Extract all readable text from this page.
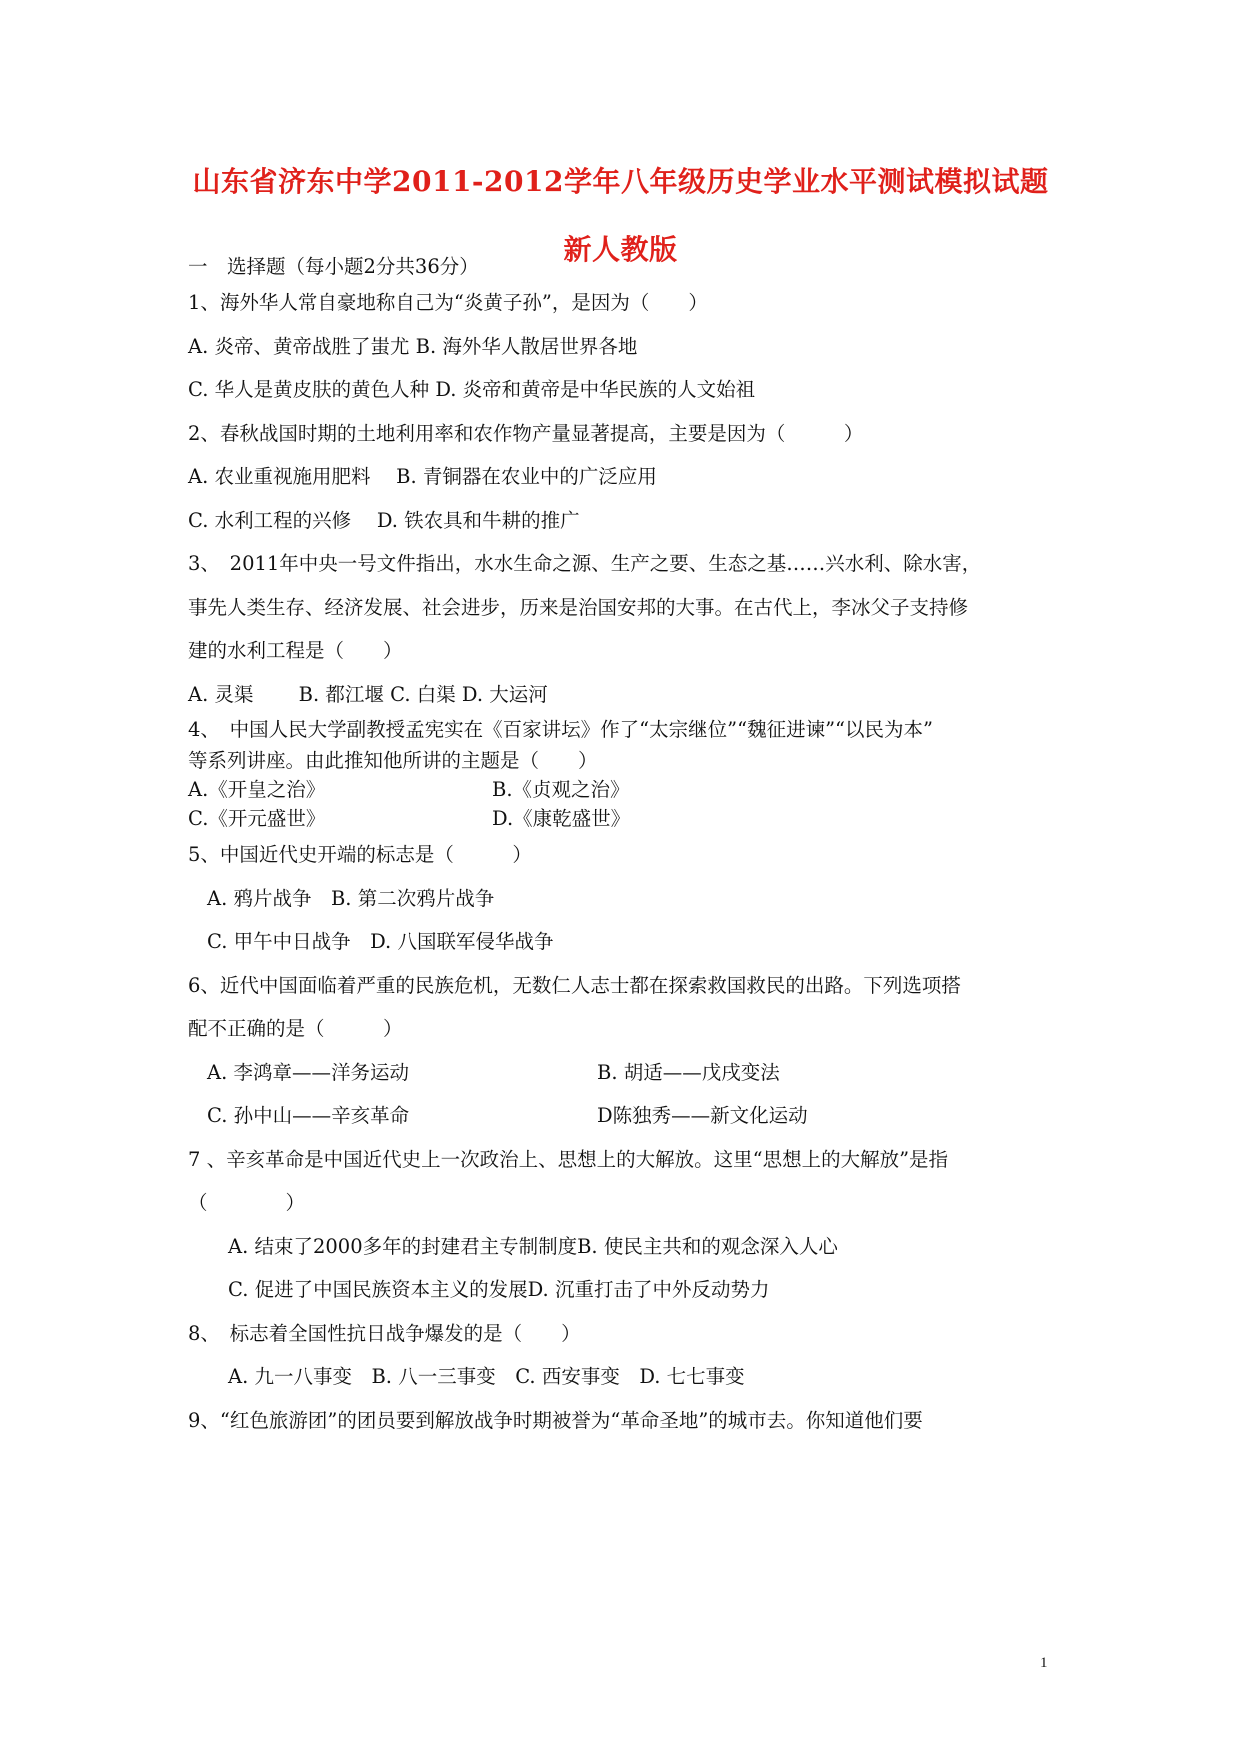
山东省济东中学2011-2012学年八年级历史学业水平测试模拟试题
新人教版
一　选择题（每小题2分共36分）
1、海外华人常自豪地称自己为“炎黄子孙”，是因为（　　）
A. 炎帝、黄帝战胜了蚩尤 B. 海外华人散居世界各地
C. 华人是黄皮肤的黄色人种 D. 炎帝和黄帝是中华民族的人文始祖
2、春秋战国时期的土地利用率和农作物产量显著提高，主要是因为（　　　）
A. 农业重视施用肥料　 B. 青铜器在农业中的广泛应用
C. 水利工程的兴修　 D. 铁农具和牛耕的推广
3、　2011年中央一号文件指出，水水生命之源、生产之要、生态之基……兴水利、除水害，
事先人类生存、经济发展、社会进步，历来是治国安邦的大事。在古代上，李冰父子支持修
建的水利工程是（　　）
A. 灵渠　　 B. 都江堰 C. 白渠 D. 大运河
4、　中国人民大学副教授孟宪实在《百家讲坛》作了“太宗继位”“魏征进谏”“以民为本”
等系列讲座。由此推知他所讲的主题是（　　）
A.《开皇之治》	B.《贞观之治》
C.《开元盛世》	D.《康乾盛世》
5、中国近代史开端的标志是（　　　）
A. 鸦片战争　B. 第二次鸦片战争
C. 甲午中日战争　D. 八国联军侵华战争
6、近代中国面临着严重的民族危机，无数仁人志士都在探索救国救民的出路。下列选项搭
配不正确的是（　　　）
A. 李鸿章——洋务运动	B. 胡适——戊戌变法
C. 孙中山——辛亥革命	D陈独秀——新文化运动
7 、辛亥革命是中国近代史上一次政治上、思想上的大解放。这里“思想上的大解放”是指
（　　　　）
A. 结束了2000多年的封建君主专制制度B. 使民主共和的观念深入人心
C. 促进了中国民族资本主义的发展D. 沉重打击了中外反动势力
8、　标志着全国性抗日战争爆发的是（　　）
A. 九一八事变　B. 八一三事变　C. 西安事变　D. 七七事变
9、“红色旅游团”的团员要到解放战争时期被誉为“革命圣地”的城市去。你知道他们要
1
